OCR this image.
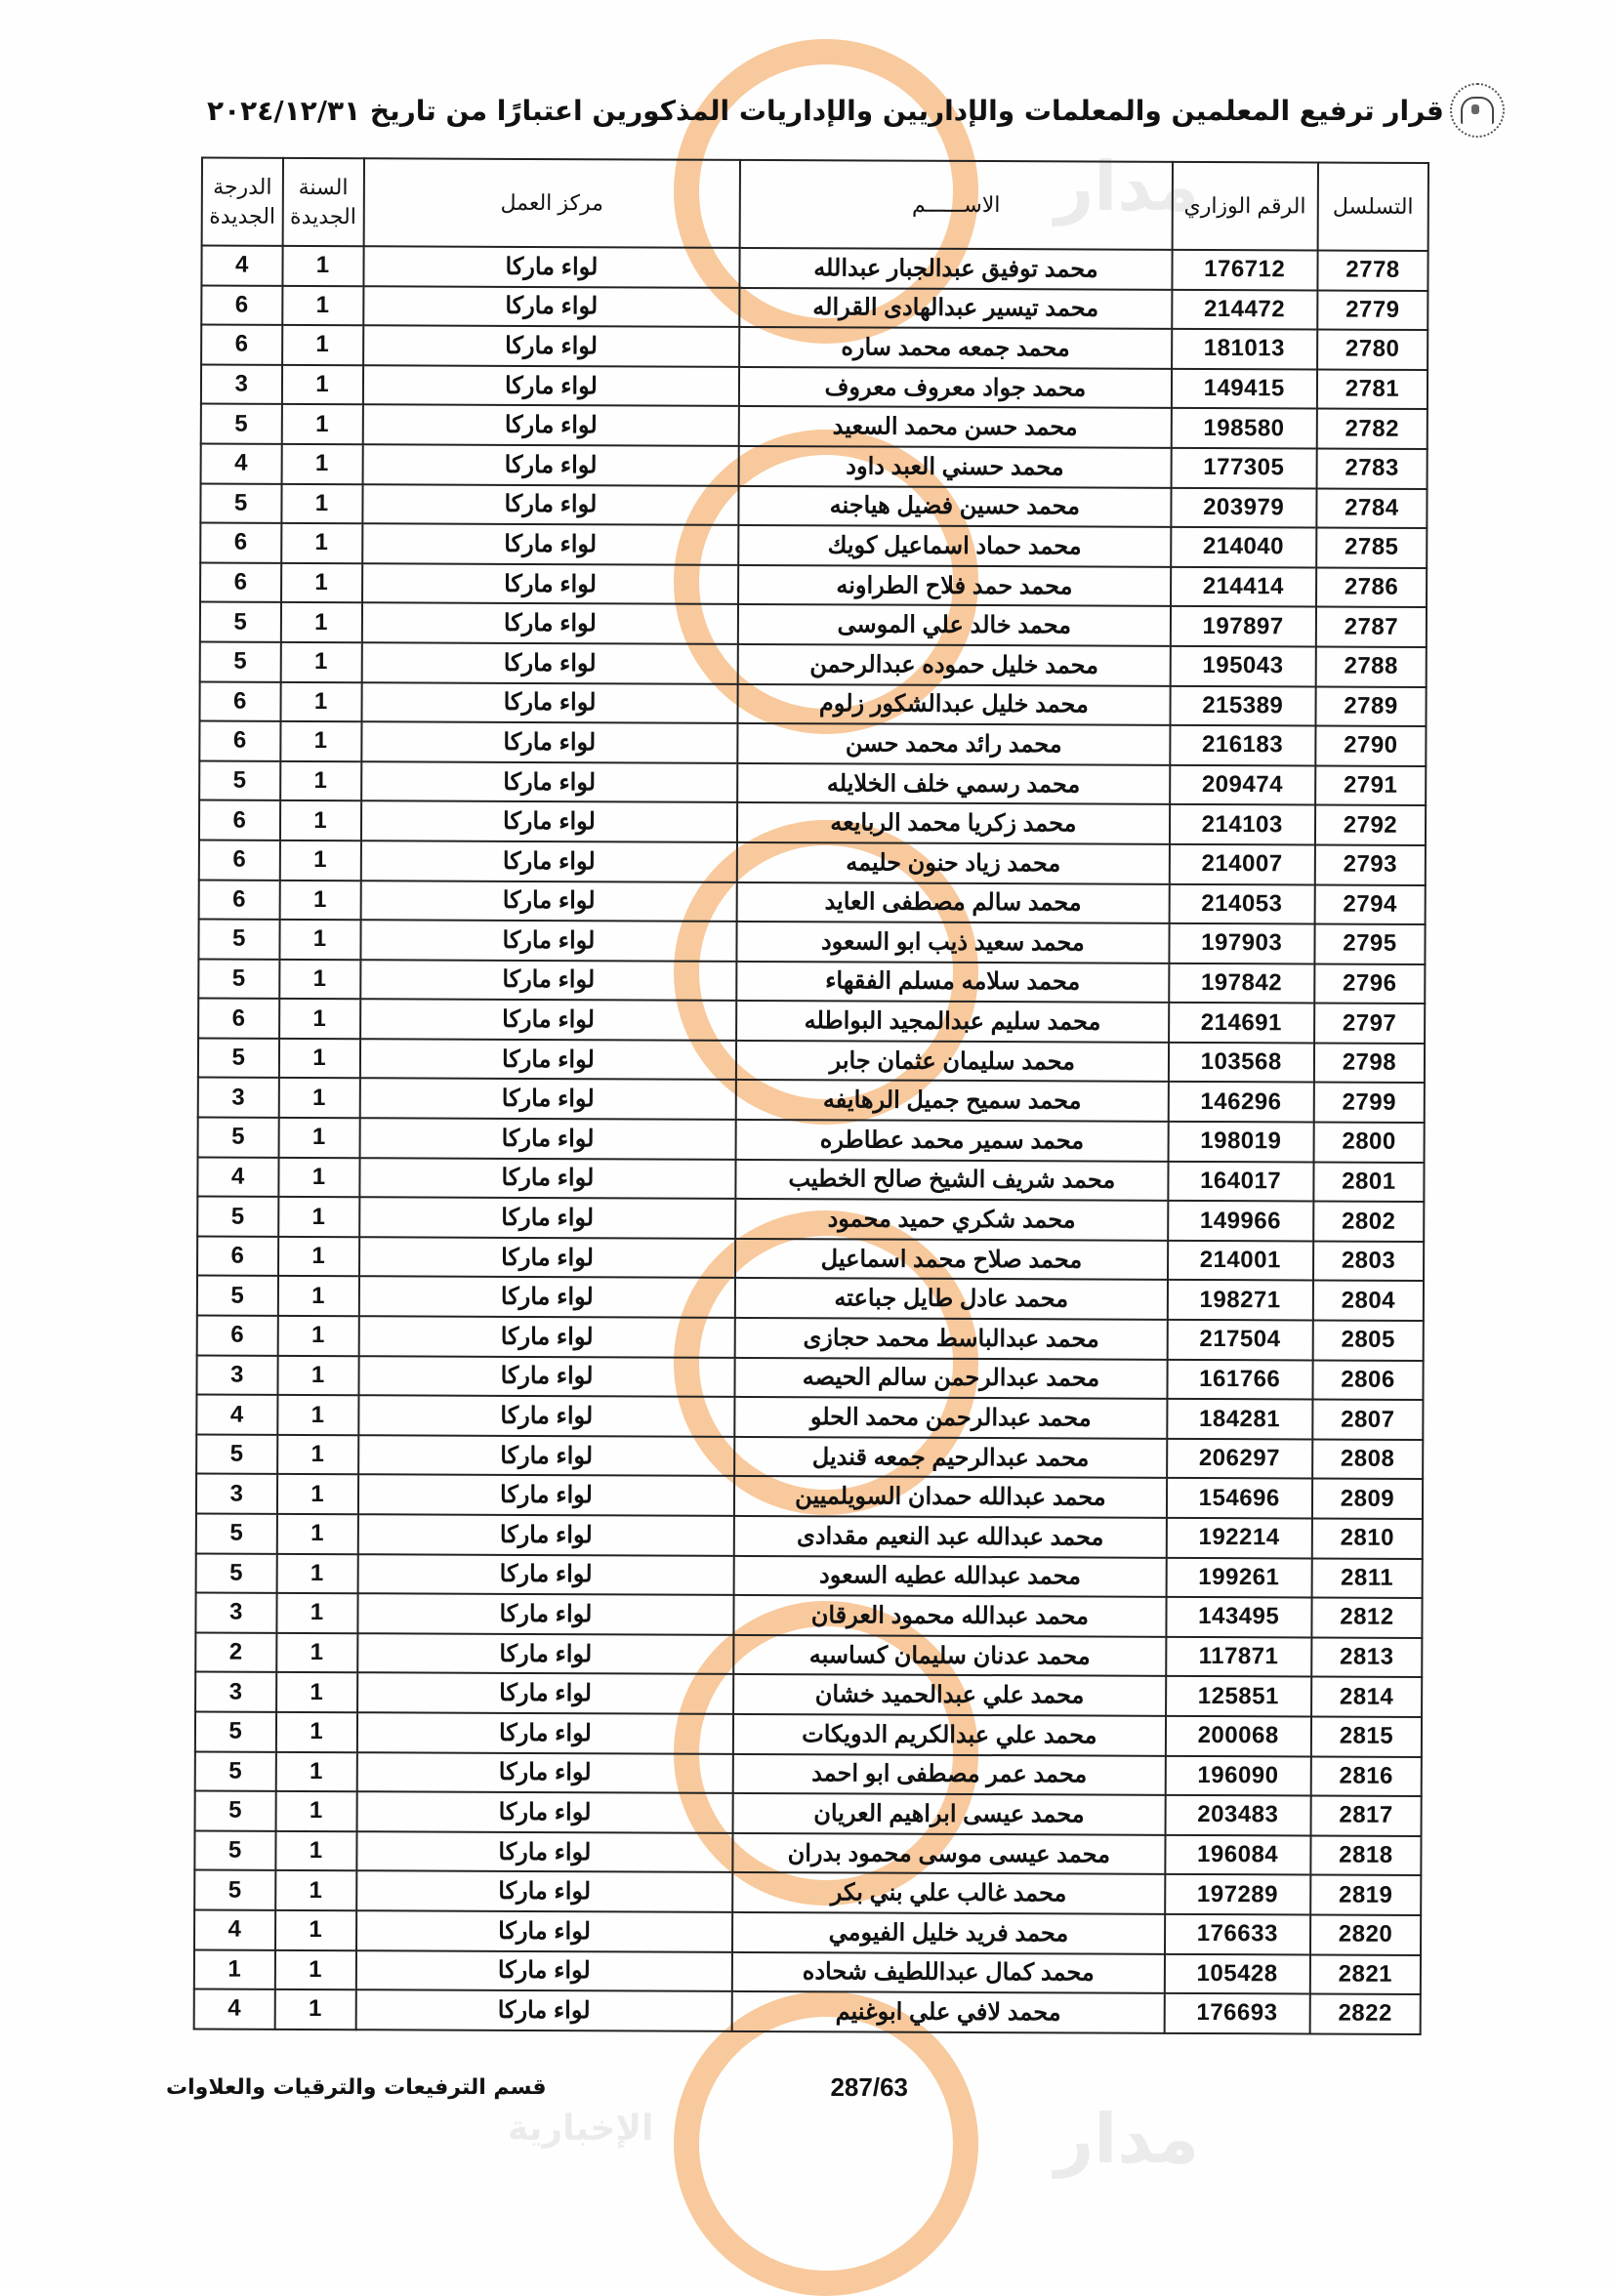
مدار
مدار
الإخبارية
قرار ترفيع المعلمين والمعلمات والإداريين والإداريات المذكورين اعتبارًا من تاريخ ٢٠٢٤/١٢/٣١
التسلسل	الرقم الوزاري	الاســــــم	مركز العمل	السنة الجديدة	الدرجة الجديدة
2778	176712	محمد توفيق عبدالجبار عبدالله	لواء ماركا	1	4
2779	214472	محمد تيسير عبدالهادى القراله	لواء ماركا	1	6
2780	181013	محمد جمعه محمد ساره	لواء ماركا	1	6
2781	149415	محمد جواد معروف معروف	لواء ماركا	1	3
2782	198580	محمد حسن محمد السعيد	لواء ماركا	1	5
2783	177305	محمد حسني العبد داود	لواء ماركا	1	4
2784	203979	محمد حسين فضيل هياجنه	لواء ماركا	1	5
2785	214040	محمد حماد اسماعيل كويك	لواء ماركا	1	6
2786	214414	محمد حمد فلاح الطراونه	لواء ماركا	1	6
2787	197897	محمد خالد علي الموسى	لواء ماركا	1	5
2788	195043	محمد خليل حموده عبدالرحمن	لواء ماركا	1	5
2789	215389	محمد خليل عبدالشكور زلوم	لواء ماركا	1	6
2790	216183	محمد رائد محمد حسن	لواء ماركا	1	6
2791	209474	محمد رسمي خلف الخلايله	لواء ماركا	1	5
2792	214103	محمد زكريا محمد الربايعه	لواء ماركا	1	6
2793	214007	محمد زياد حنون حليمه	لواء ماركا	1	6
2794	214053	محمد سالم مصطفى العايد	لواء ماركا	1	6
2795	197903	محمد سعيد ذيب ابو السعود	لواء ماركا	1	5
2796	197842	محمد سلامه مسلم الفقهاء	لواء ماركا	1	5
2797	214691	محمد سليم عبدالمجيد البواطله	لواء ماركا	1	6
2798	103568	محمد سليمان عثمان جابر	لواء ماركا	1	5
2799	146296	محمد سميح جميل الرهايفه	لواء ماركا	1	3
2800	198019	محمد سمير محمد عطاطره	لواء ماركا	1	5
2801	164017	محمد شريف الشيخ صالح الخطيب	لواء ماركا	1	4
2802	149966	محمد شكري حميد محمود	لواء ماركا	1	5
2803	214001	محمد صلاح محمد اسماعيل	لواء ماركا	1	6
2804	198271	محمد عادل طايل جباعته	لواء ماركا	1	5
2805	217504	محمد عبدالباسط محمد حجازى	لواء ماركا	1	6
2806	161766	محمد عبدالرحمن سالم الحيصه	لواء ماركا	1	3
2807	184281	محمد عبدالرحمن محمد الحلو	لواء ماركا	1	4
2808	206297	محمد عبدالرحيم جمعه قنديل	لواء ماركا	1	5
2809	154696	محمد عبدالله حمدان السويلميين	لواء ماركا	1	3
2810	192214	محمد عبدالله عبد النعيم مقدادى	لواء ماركا	1	5
2811	199261	محمد عبدالله عطيه السعود	لواء ماركا	1	5
2812	143495	محمد عبدالله محمود العرقان	لواء ماركا	1	3
2813	117871	محمد عدنان سليمان كساسبه	لواء ماركا	1	2
2814	125851	محمد علي عبدالحميد خشان	لواء ماركا	1	3
2815	200068	محمد علي عبدالكريم الدويكات	لواء ماركا	1	5
2816	196090	محمد عمر مصطفى ابو احمد	لواء ماركا	1	5
2817	203483	محمد عيسى ابراهيم العريان	لواء ماركا	1	5
2818	196084	محمد عيسى موسى محمود بدران	لواء ماركا	1	5
2819	197289	محمد غالب علي بني بكر	لواء ماركا	1	5
2820	176633	محمد فريد خليل الفيومي	لواء ماركا	1	4
2821	105428	محمد كمال عبداللطيف شحاده	لواء ماركا	1	1
2822	176693	محمد لافي علي ابوغنيم	لواء ماركا	1	4
287/63
قسم الترفيعات والترقيات والعلاوات
